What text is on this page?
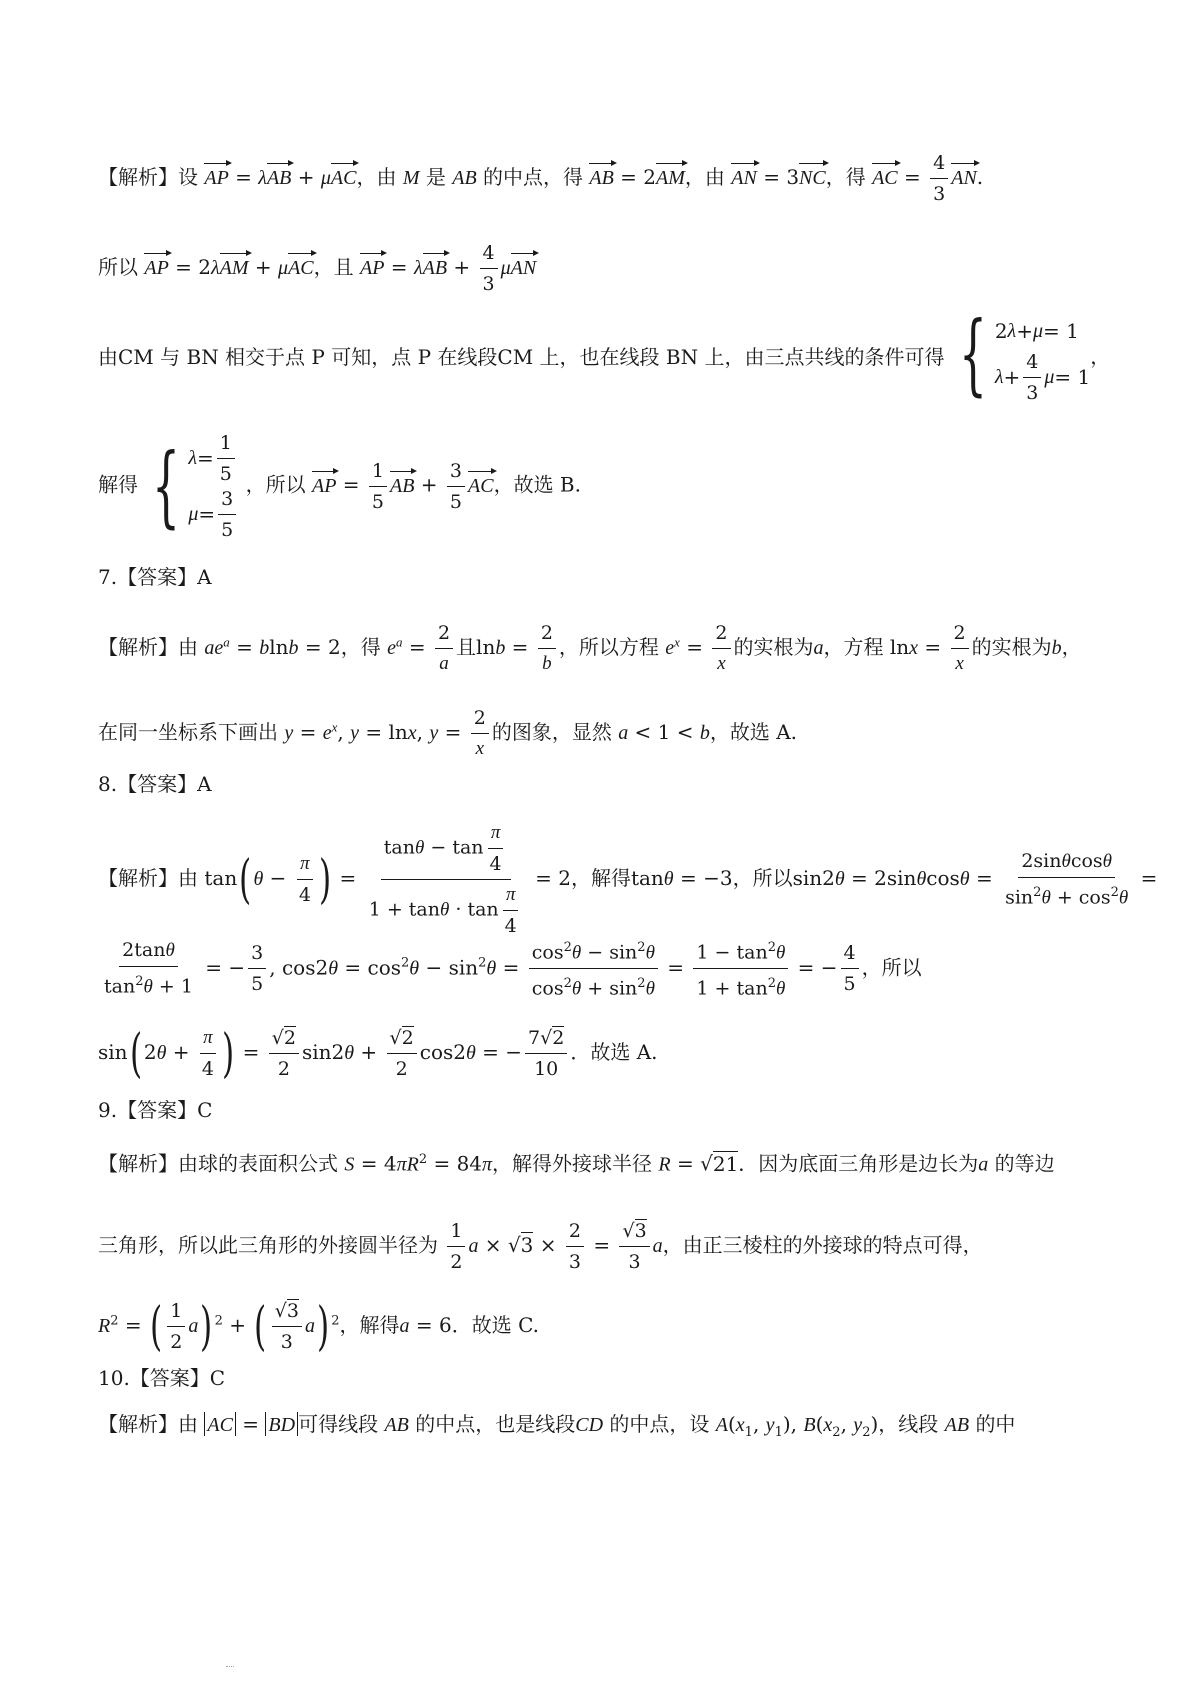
【解析】设 AP = λAB + μAC，由 M 是 AB 的中点，得 AB = 2AM，由 AN = 3NC，得 AC = $\frac{4}{3}$ AN.
所以 AP = 2λAM + μAC，且 AP = $\lambda AB + \frac{4}{3}$ μAN
由CM 与 BN 相交于点 P 可知，点 P 在线段CM 上，也在线段 BN 上，由三点共线的条件可得 { 2 λ + μ = 1
λ +
4
3
μ = 1
，
解得 { λ =
1
5
μ =
3
5
，所以 AP = $\frac{1}{5}$ AB + $\frac{3}{5}$ AC，故选 B.
7.【答案】A
【解析】由 $ae^a = blnb = 2$，得 $e^a = \frac{2}{a}$ 且$\ln b = \frac{2}{b}$ ，所以方程 $e^x = \frac{2}{x}$ 的实根为a，方程 $\ln x = \frac{2}{x}$ 的实根为b，
在同一坐标系下画出 $y = e^x$, y = lnx, $y = \frac{2}{x}$ 的图象，显然 a < 1 < b，故选 A.
8.【答案】A
【解析】由 tan( $\theta - \frac{\pi}{4}$ ) = $\frac{\tan\theta - \tan \frac{\pi}{4}}{1 + \tan\theta \cdot \tan \frac{\pi}{4}} = 2$，解得tanθ = −3，所以$\sin 2\theta = 2\sin\theta\cos\theta = \frac{2\sin\theta\cos\theta}{\sin^2\theta + \cos^2\theta}$ =
$\frac{2\tan\theta}{\tan^2\theta + 1}$ = − $\frac{3}{5}$ , $\cos 2\theta = \cos^2\theta - \sin^2\theta = \frac{\cos^2\theta - \sin^2\theta}{\cos^2\theta + \sin^2\theta} = \frac{1 - \tan^2\theta}{1 + \tan^2\theta}$ = − $\frac{4}{5}$ ，所以
sin( $2\theta + \frac{\pi}{4}$ ) = $\frac{√2}{2} \sin 2\theta + \frac{√2}{2} \cos 2\theta$ = − $\frac{7√2}{10}$ ．故选 A.
9.【答案】C
【解析】由球的表面积公式 $S = 4\pi R^2 = 84\pi$，解得外接球半径 R = √21．因为底面三角形是边长为a 的等边
三角形，所以此三角形的外接圆半径为 $\frac{1}{2}$ $a \times √3 \times \frac{2}{3} = \frac{√3}{3}$ a，由正三棱柱的外接球的特点可得，
$R^2$ = ( $\frac{1}{2} a$) $^2$ + ( $\frac{√3}{3} a$) $^2$，解得a = 6．故选 C.
10.【答案】C
【解析】由 AC = BD 可得线段 AB 的中点，也是线段CD 的中点，设 $A(x_1$, $y_1$), $B(x_2$, $y_2$)，线段 AB 的中
